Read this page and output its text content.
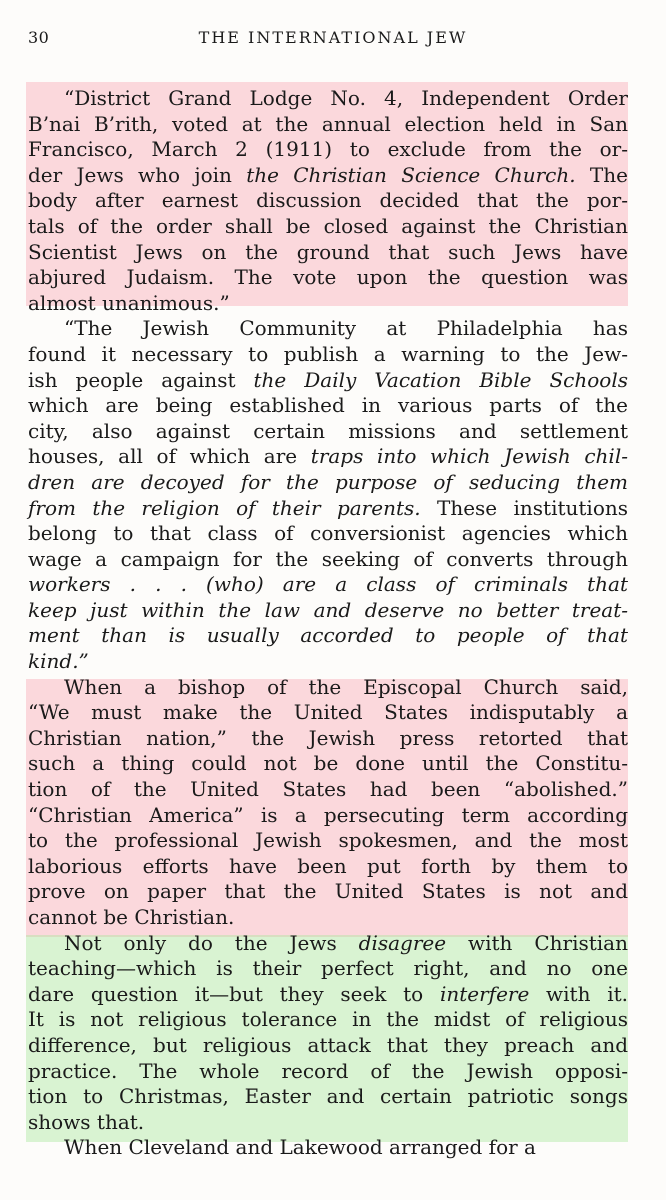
30	THE INTERNATIONAL JEW
“District Grand Lodge No. 4, Independent Order
B’nai B’rith, voted at the annual election held in San
Francisco, March 2 (1911) to exclude from the or-
der Jews who join the Christian Science Church. The
body after earnest discussion decided that the por-
tals of the order shall be closed against the Christian
Scientist Jews on the ground that such Jews have
abjured Judaism. The vote upon the question was
almost unanimous.”
“The Jewish Community at Philadelphia has
found it necessary to publish a warning to the Jew-
ish people against the Daily Vacation Bible Schools
which are being established in various parts of the
city, also against certain missions and settlement
houses, all of which are traps into which Jewish chil-
dren are decoyed for the purpose of seducing them
from the religion of their parents. These institutions
belong to that class of conversionist agencies which
wage a campaign for the seeking of converts through
workers . . . (who) are a class of criminals that
keep just within the law and deserve no better treat-
ment than is usually accorded to people of that
kind.”
When a bishop of the Episcopal Church said,
“We must make the United States indisputably a
Christian nation,” the Jewish press retorted that
such a thing could not be done until the Constitu-
tion of the United States had been “abolished.”
“Christian America” is a persecuting term according
to the professional Jewish spokesmen, and the most
laborious efforts have been put forth by them to
prove on paper that the United States is not and
cannot be Christian.
Not only do the Jews disagree with Christian
teaching—which is their perfect right, and no one
dare question it—but they seek to interfere with it.
It is not religious tolerance in the midst of religious
difference, but religious attack that they preach and
practice. The whole record of the Jewish opposi-
tion to Christmas, Easter and certain patriotic songs
shows that.
When Cleveland and Lakewood arranged for a
